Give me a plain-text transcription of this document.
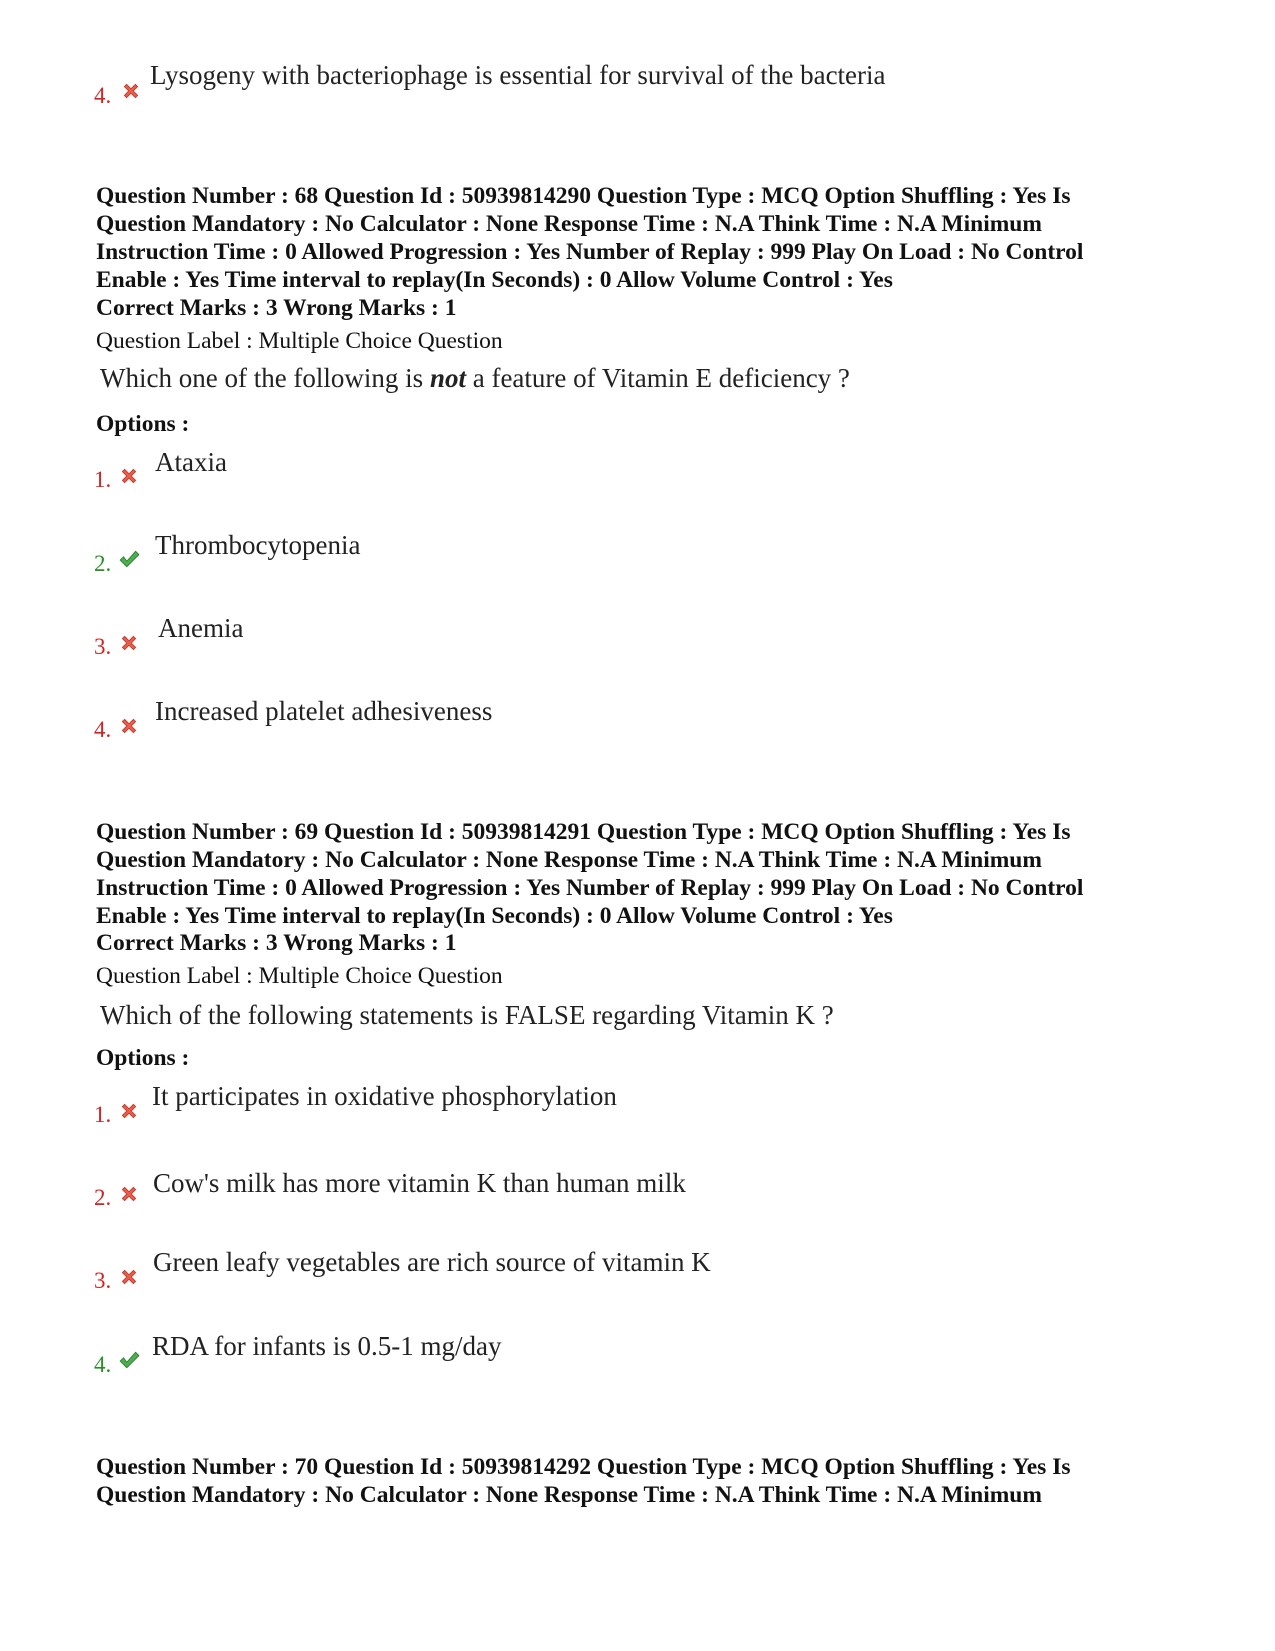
4.
Lysogeny with bacteriophage is essential for survival of the bacteria
Question Number : 68 Question Id : 50939814290 Question Type : MCQ Option Shuffling : Yes Is
Question Mandatory : No Calculator : None Response Time : N.A Think Time : N.A Minimum
Instruction Time : 0 Allowed Progression : Yes Number of Replay : 999 Play On Load : No Control
Enable : Yes Time interval to replay(In Seconds) : 0 Allow Volume Control : Yes
Correct Marks : 3 Wrong Marks : 1
Question Label : Multiple Choice Question
Which one of the following is not a feature of Vitamin E deficiency ?
Options :
1.
Ataxia
2.
Thrombocytopenia
3.
Anemia
4.
Increased platelet adhesiveness
Question Number : 69 Question Id : 50939814291 Question Type : MCQ Option Shuffling : Yes Is
Question Mandatory : No Calculator : None Response Time : N.A Think Time : N.A Minimum
Instruction Time : 0 Allowed Progression : Yes Number of Replay : 999 Play On Load : No Control
Enable : Yes Time interval to replay(In Seconds) : 0 Allow Volume Control : Yes
Correct Marks : 3 Wrong Marks : 1
Question Label : Multiple Choice Question
Which of the following statements is FALSE regarding Vitamin K ?
Options :
1.
It participates in oxidative phosphorylation
2. Cow's milk has more vitamin K than human milk
3.
Green leafy vegetables are rich source of vitamin K
4.
RDA for infants is 0.5-1 mg/day
Question Number : 70 Question Id : 50939814292 Question Type : MCQ Option Shuffling : Yes Is
Question Mandatory : No Calculator : None Response Time : N.A Think Time : N.A Minimum
